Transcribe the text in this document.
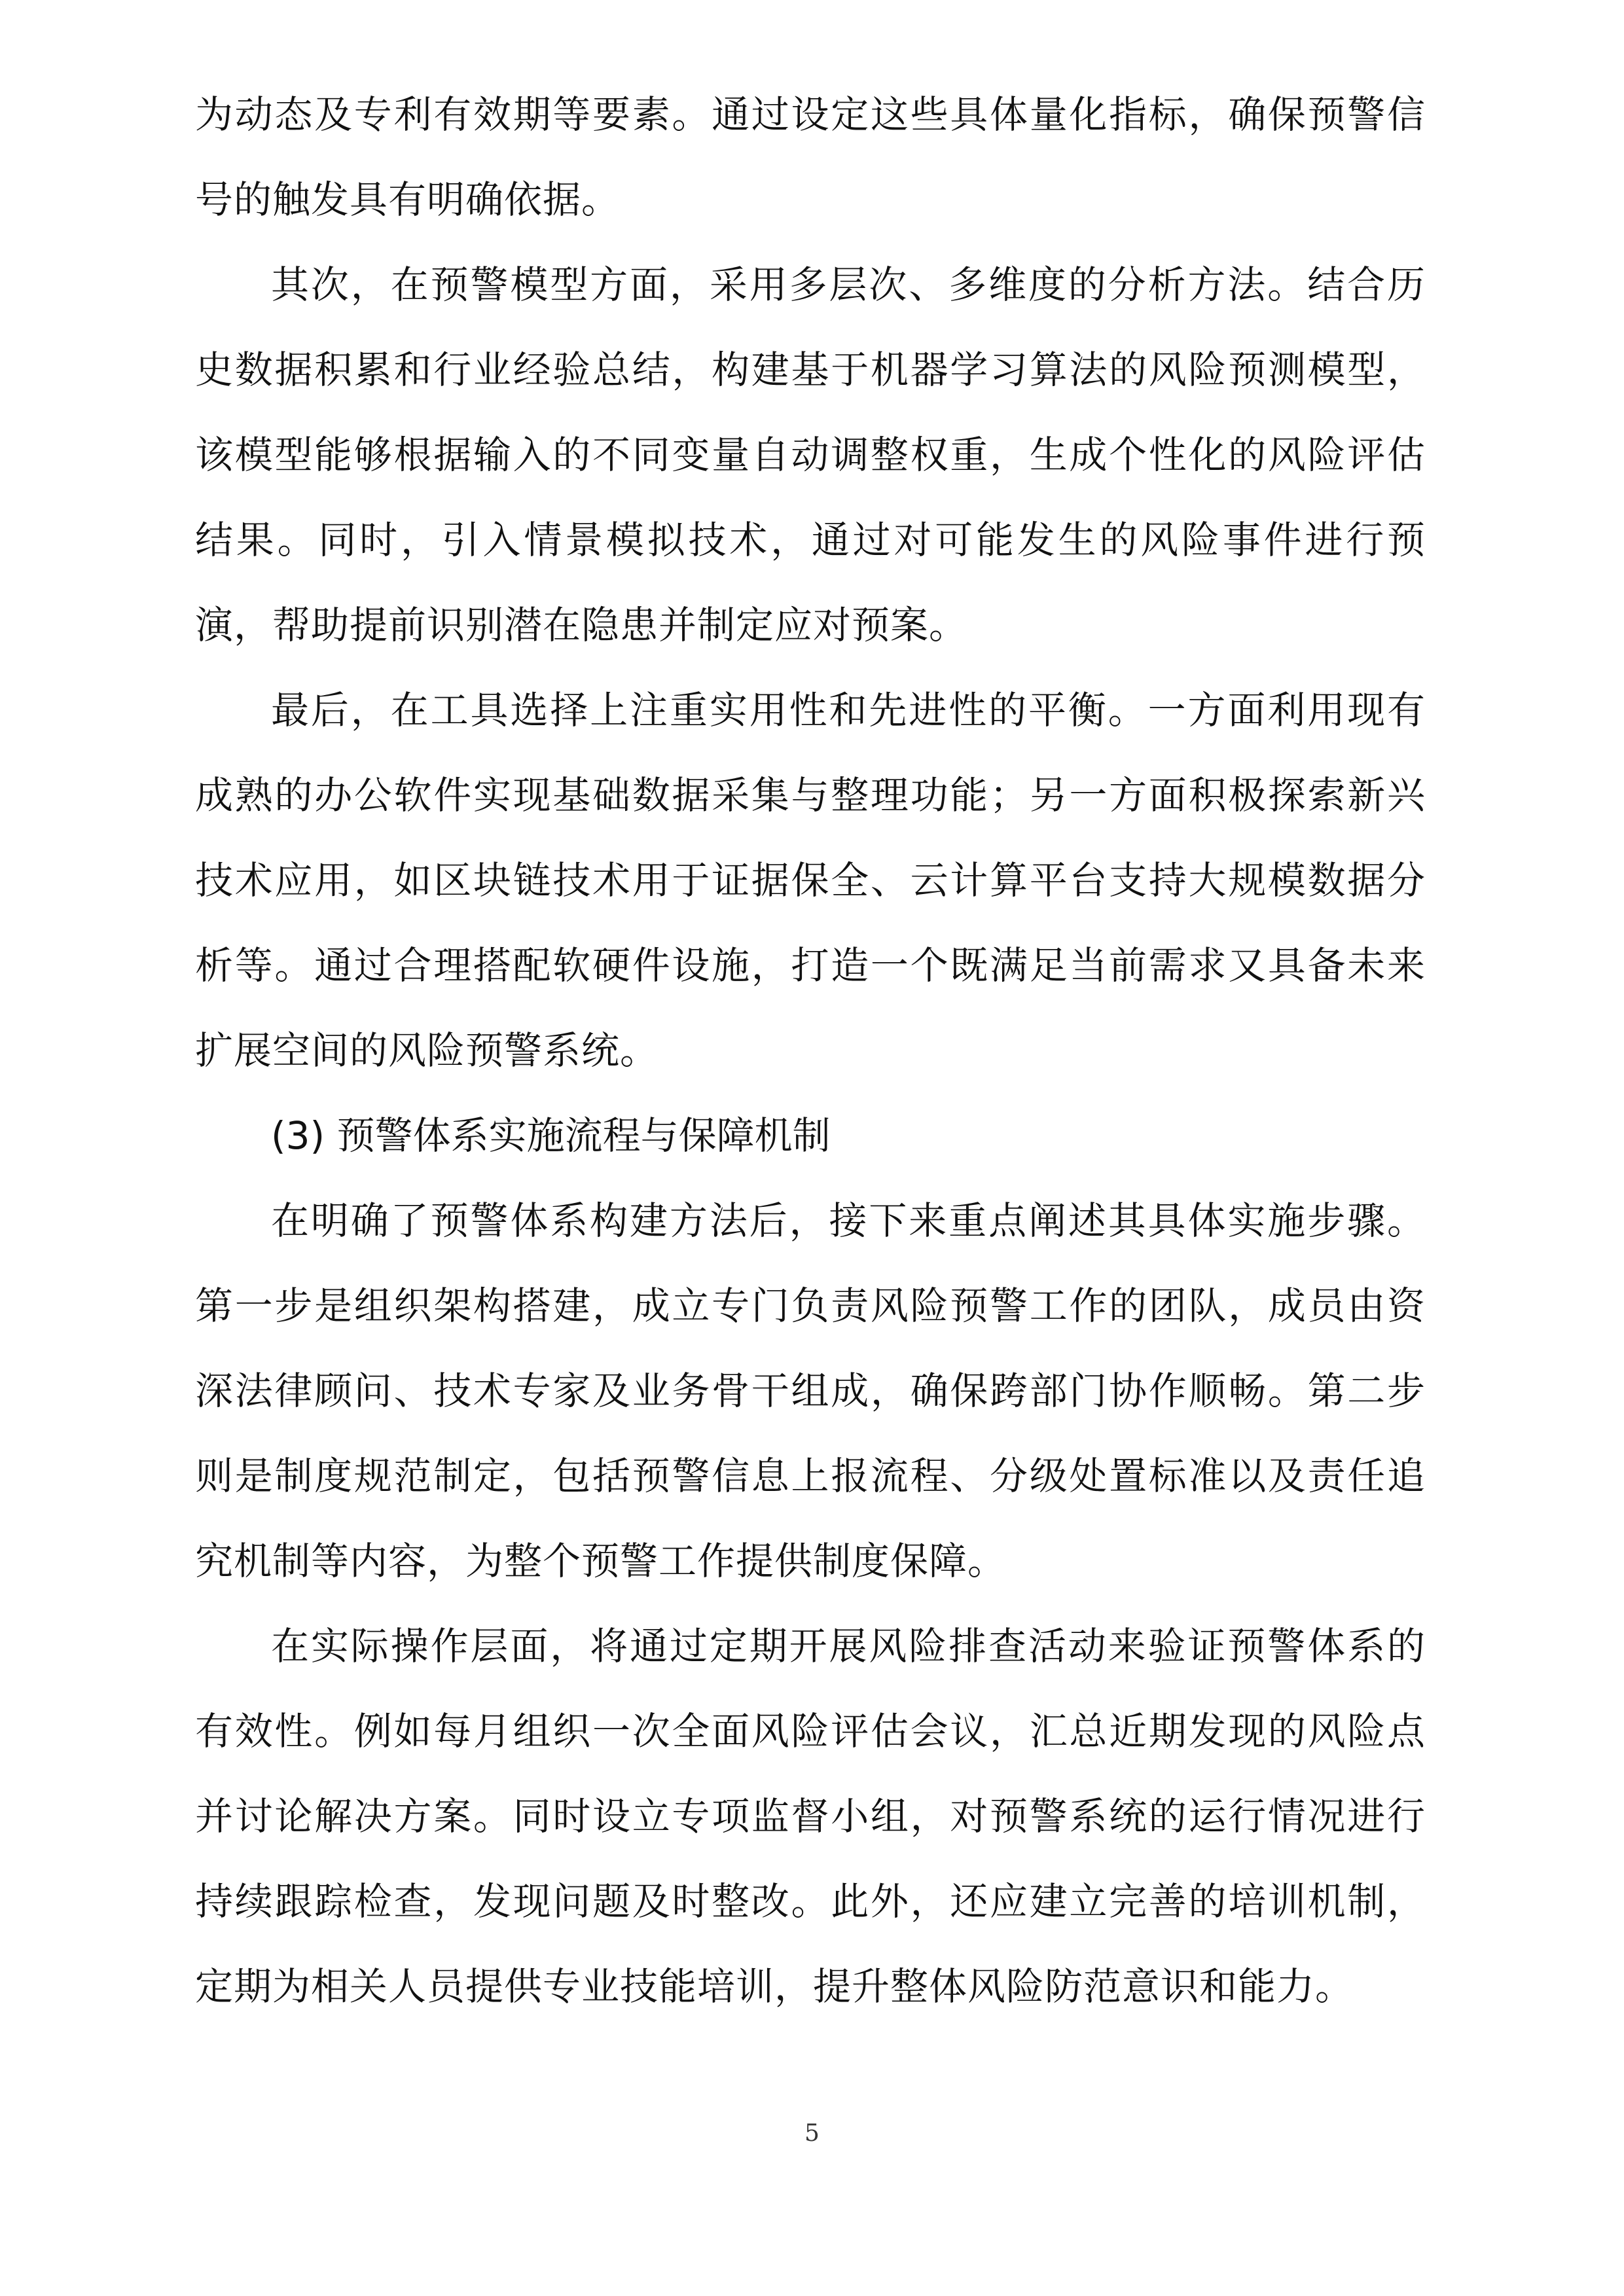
为动态及专利有效期等要素。通过设定这些具体量化指标，确保预警信号的触发具有明确依据。

其次，在预警模型方面，采用多层次、多维度的分析方法。结合历史数据积累和行业经验总结，构建基于机器学习算法的风险预测模型，该模型能够根据输入的不同变量自动调整权重，生成个性化的风险评估结果。同时，引入情景模拟技术，通过对可能发生的风险事件进行预演，帮助提前识别潜在隐患并制定应对预案。

最后，在工具选择上注重实用性和先进性的平衡。一方面利用现有成熟的办公软件实现基础数据采集与整理功能；另一方面积极探索新兴技术应用，如区块链技术用于证据保全、云计算平台支持大规模数据分析等。通过合理搭配软硬件设施，打造一个既满足当前需求又具备未来扩展空间的风险预警系统。

(3) 预警体系实施流程与保障机制

在明确了预警体系构建方法后，接下来重点阐述其具体实施步骤。第一步是组织架构搭建，成立专门负责风险预警工作的团队，成员由资深法律顾问、技术专家及业务骨干组成，确保跨部门协作顺畅。第二步则是制度规范制定，包括预警信息上报流程、分级处置标准以及责任追究机制等内容，为整个预警工作提供制度保障。

在实际操作层面，将通过定期开展风险排查活动来验证预警体系的有效性。例如每月组织一次全面风险评估会议，汇总近期发现的风险点并讨论解决方案。同时设立专项监督小组，对预警系统的运行情况进行持续跟踪检查，发现问题及时整改。此外，还应建立完善的培训机制，定期为相关人员提供专业技能培训，提升整体风险防范意识和能力。

5
